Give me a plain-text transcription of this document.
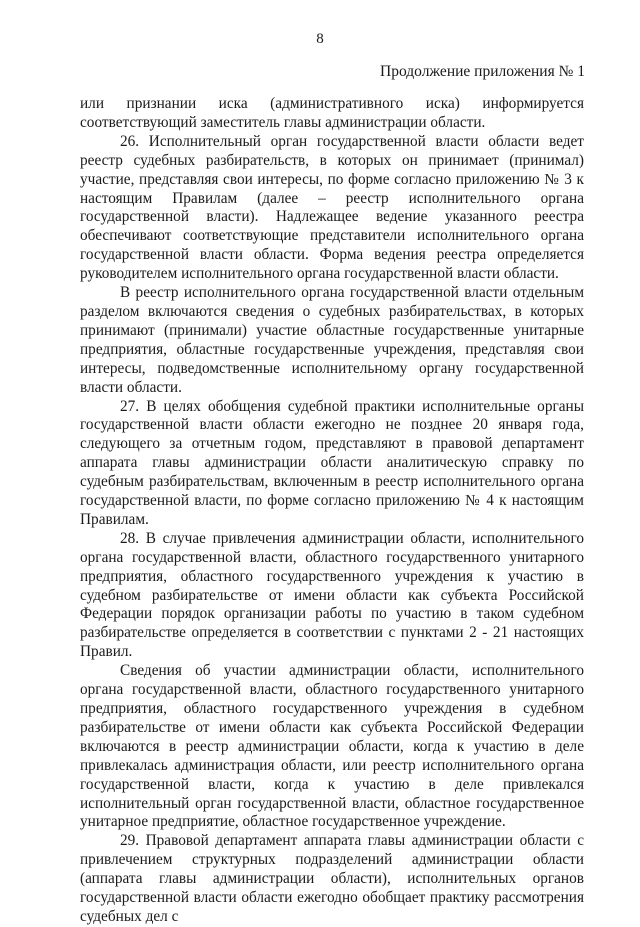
8
Продолжение приложения № 1

или признании иска (административного иска) информируется соответствующий заместитель главы администрации области.

26. Исполнительный орган государственной власти области ведет реестр судебных разбирательств, в которых он принимает (принимал) участие, представляя свои интересы, по форме согласно приложению № 3 к настоящим Правилам (далее – реестр исполнительного органа государственной власти). Надлежащее ведение указанного реестра обеспечивают соответствующие представители исполнительного органа государственной власти области. Форма ведения реестра определяется руководителем исполнительного органа государственной власти области.

В реестр исполнительного органа государственной власти отдельным разделом включаются сведения о судебных разбирательствах, в которых принимают (принимали) участие областные государственные унитарные предприятия, областные государственные учреждения, представляя свои интересы, подведомственные исполнительному органу государственной власти области.

27. В целях обобщения судебной практики исполнительные органы государственной власти области ежегодно не позднее 20 января года, следующего за отчетным годом, представляют в правовой департамент аппарата главы администрации области аналитическую справку по судебным разбирательствам, включенным в реестр исполнительного органа государственной власти, по форме согласно приложению № 4 к настоящим Правилам.

28. В случае привлечения администрации области, исполнительного органа государственной власти, областного государственного унитарного предприятия, областного государственного учреждения к участию в судебном разбирательстве от имени области как субъекта Российской Федерации порядок организации работы по участию в таком судебном разбирательстве определяется в соответствии с пунктами 2 - 21 настоящих Правил.

Сведения об участии администрации области, исполнительного органа государственной власти, областного государственного унитарного предприятия, областного государственного учреждения в судебном разбирательстве от имени области как субъекта Российской Федерации включаются в реестр администрации области, когда к участию в деле привлекалась администрация области, или реестр исполнительного органа государственной власти, когда к участию в деле привлекался исполнительный орган государственной власти, областное государственное унитарное предприятие, областное государственное учреждение.

29. Правовой департамент аппарата главы администрации области с привлечением структурных подразделений администрации области (аппарата главы администрации области), исполнительных органов государственной власти области ежегодно обобщает практику рассмотрения судебных дел с
